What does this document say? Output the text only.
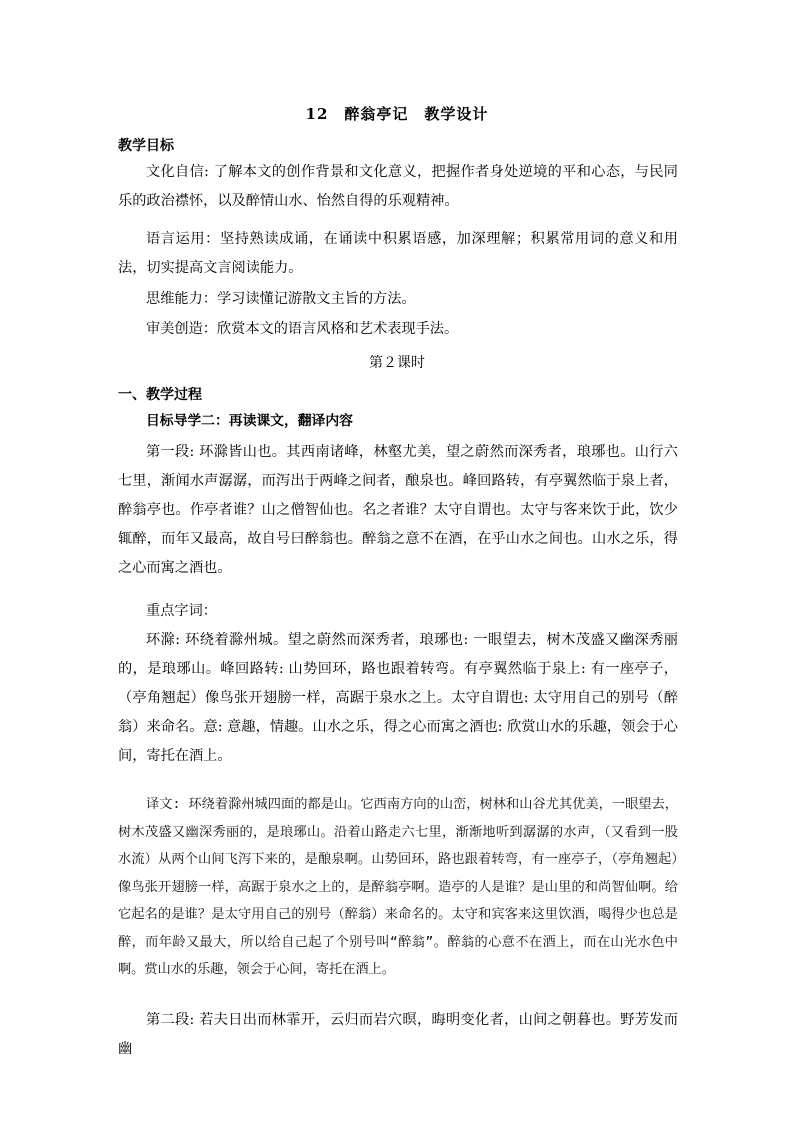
12　醉翁亭记　教学设计
教学目标

文化自信: 了解本文的创作背景和文化意义，把握作者身处逆境的平和心态，与民同乐的政治襟怀，以及醉情山水、怡然自得的乐观精神。

语言运用：坚持熟读成诵，在诵读中积累语感，加深理解；积累常用词的意义和用法，切实提高文言阅读能力。

思维能力：学习读懂记游散文主旨的方法。

审美创造：欣赏本文的语言风格和艺术表现手法。

第２课时
一、教学过程

目标导学二：再读课文，翻译内容

第一段: 环滁皆山也。其西南诸峰，林壑尤美，望之蔚然而深秀者，琅琊也。山行六七里，渐闻水声潺潺，而泻出于两峰之间者，酿泉也。峰回路转，有亭翼然临于泉上者，醉翁亭也。作亭者谁？山之僧智仙也。名之者谁？太守自谓也。太守与客来饮于此，饮少辄醉，而年又最高，故自号曰醉翁也。醉翁之意不在酒，在乎山水之间也。山水之乐，得之心而寓之酒也。

重点字词：

环滁: 环绕着滁州城。望之蔚然而深秀者，琅琊也: 一眼望去，树木茂盛又幽深秀丽的，是琅琊山。峰回路转: 山势回环，路也跟着转弯。有亭翼然临于泉上: 有一座亭子，（亭角翘起）像鸟张开翅膀一样，高踞于泉水之上。太守自谓也: 太守用自己的别号（醉翁）来命名。意: 意趣，情趣。山水之乐，得之心而寓之酒也: 欣赏山水的乐趣，领会于心间，寄托在酒上。

译文: 环绕着滁州城四面的都是山。它西南方向的山峦，树林和山谷尤其优美，一眼望去，树木茂盛又幽深秀丽的，是琅琊山。沿着山路走六七里，渐渐地听到潺潺的水声，（又看到一股水流）从两个山间飞泻下来的，是酿泉啊。山势回环，路也跟着转弯，有一座亭子，（亭角翘起）像鸟张开翅膀一样，高踞于泉水之上的，是醉翁亭啊。造亭的人是谁？是山里的和尚智仙啊。给它起名的是谁？是太守用自己的别号（醉翁）来命名的。太守和宾客来这里饮酒，喝得少也总是醉，而年龄又最大，所以给自己起了个别号叫“醉翁”。醉翁的心意不在酒上，而在山光水色中啊。赏山水的乐趣，领会于心间，寄托在酒上。

第二段: 若夫日出而林霏开，云归而岩穴暝，晦明变化者，山间之朝暮也。野芳发而幽
